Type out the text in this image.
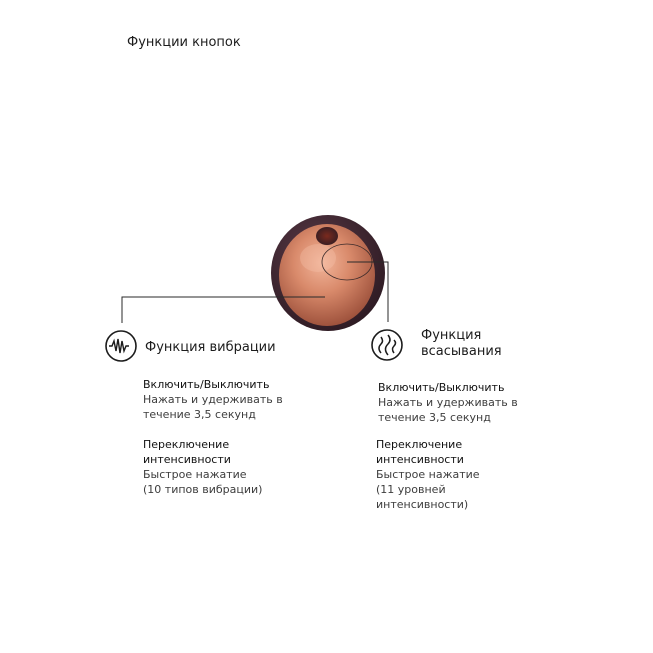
Функции кнопок
Функция вибрации
Включить/Выключить
Нажать и удерживать в
течение 3,5 секунд
Переключение
интенсивности
Быстрое нажатие
(10 типов вибрации)
Функция
всасывания
Включить/Выключить
Нажать и удерживать в
течение 3,5 секунд
Переключение
интенсивности
Быстрое нажатие
(11 уровней
интенсивности)
